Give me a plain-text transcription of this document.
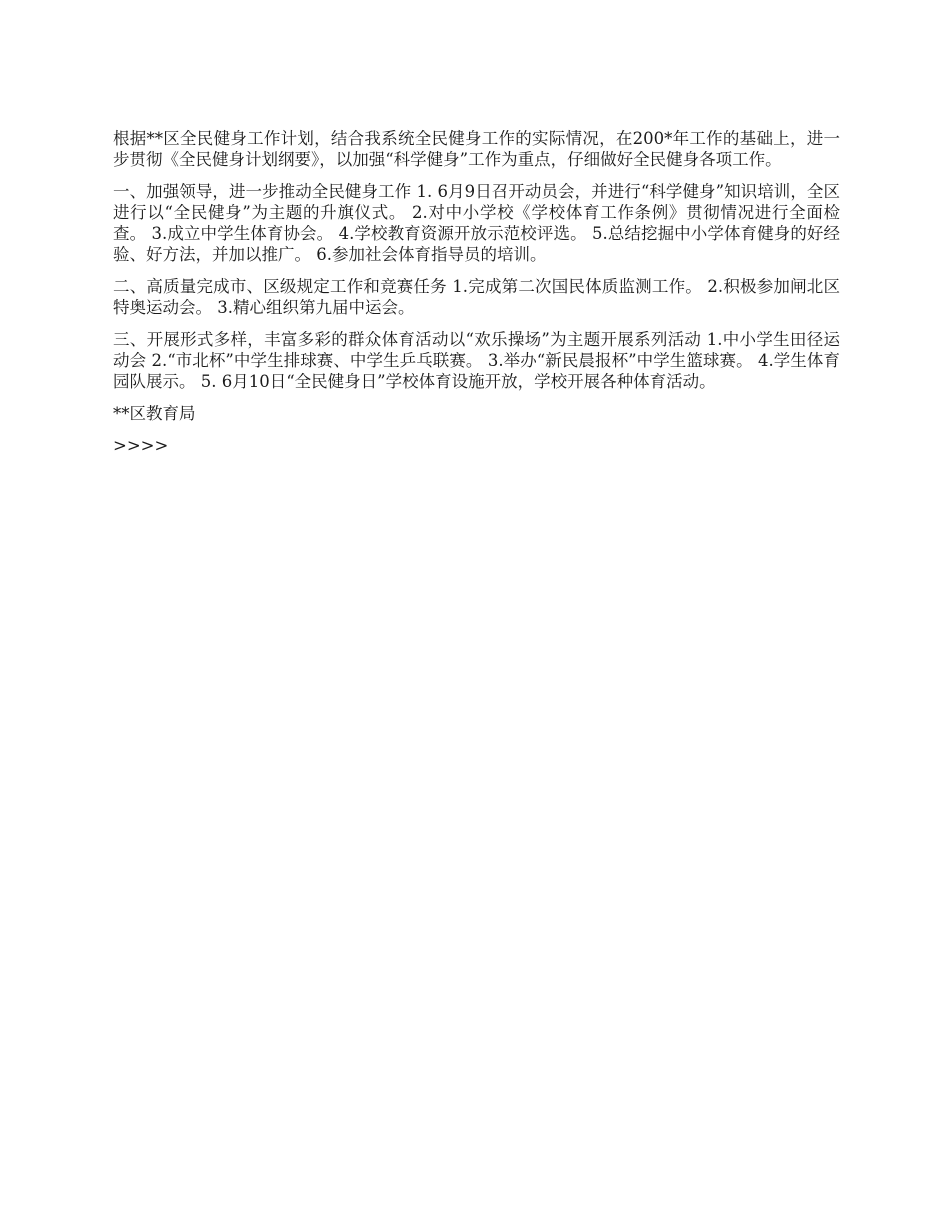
根据**区全民健身工作计划，结合我系统全民健身工作的实际情况，在200*年工作的基础上，进一步贯彻《全民健身计划纲要》，以加强“科学健身”工作为重点，仔细做好全民健身各项工作。

一、加强领导，进一步推动全民健身工作 1. 6月9日召开动员会，并进行“科学健身”知识培训，全区进行以“全民健身”为主题的升旗仪式。 2.对中小学校《学校体育工作条例》贯彻情况进行全面检查。 3.成立中学生体育协会。 4.学校教育资源开放示范校评选。 5.总结挖掘中小学体育健身的好经验、好方法，并加以推广。 6.参加社会体育指导员的培训。

二、高质量完成市、区级规定工作和竞赛任务 1.完成第二次国民体质监测工作。 2.积极参加闸北区特奥运动会。 3.精心组织第九届中运会。

三、开展形式多样，丰富多彩的群众体育活动以“欢乐操场”为主题开展系列活动 1.中小学生田径运动会 2.“市北杯”中学生排球赛、中学生乒乓联赛。 3.举办“新民晨报杯”中学生篮球赛。 4.学生体育园队展示。 5. 6月10日“全民健身日”学校体育设施开放，学校开展各种体育活动。

**区教育局

>>>>
